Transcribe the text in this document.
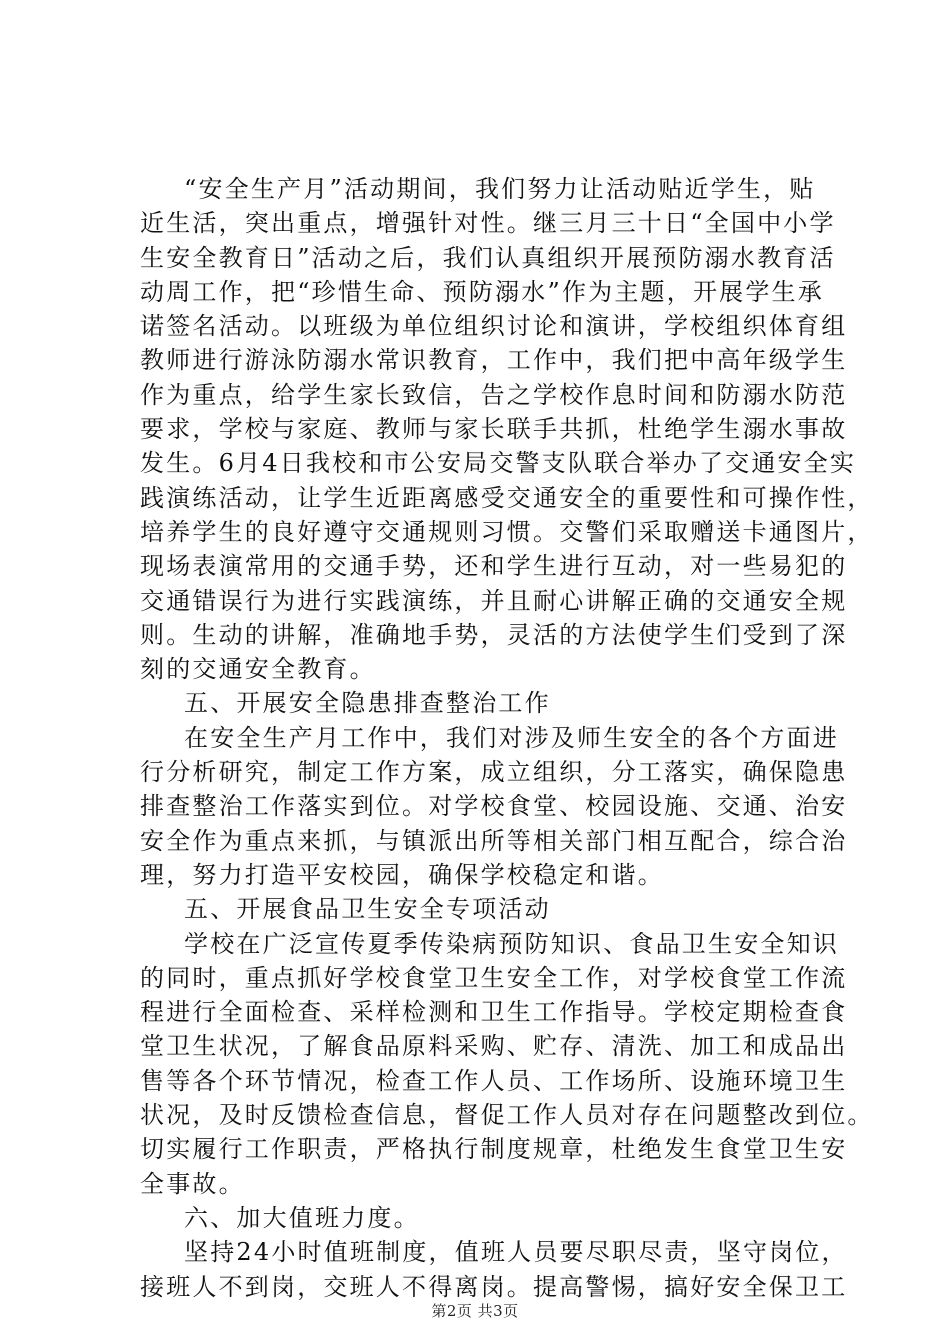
“安全生产月”活动期间，我们努力让活动贴近学生，贴
近生活，突出重点，增强针对性。继三月三十日“全国中小学
生安全教育日”活动之后，我们认真组织开展预防溺水教育活
动周工作，把“珍惜生命、预防溺水”作为主题，开展学生承
诺签名活动。以班级为单位组织讨论和演讲，学校组织体育组
教师进行游泳防溺水常识教育，工作中，我们把中高年级学生
作为重点，给学生家长致信，告之学校作息时间和防溺水防范
要求，学校与家庭、教师与家长联手共抓，杜绝学生溺水事故
发生。6月4日我校和市公安局交警支队联合举办了交通安全实
践演练活动，让学生近距离感受交通安全的重要性和可操作性，
培养学生的良好遵守交通规则习惯。交警们采取赠送卡通图片，
现场表演常用的交通手势，还和学生进行互动，对一些易犯的
交通错误行为进行实践演练，并且耐心讲解正确的交通安全规
则。生动的讲解，准确地手势，灵活的方法使学生们受到了深
刻的交通安全教育。
五、开展安全隐患排查整治工作
在安全生产月工作中，我们对涉及师生安全的各个方面进
行分析研究，制定工作方案，成立组织，分工落实，确保隐患
排查整治工作落实到位。对学校食堂、校园设施、交通、治安
安全作为重点来抓，与镇派出所等相关部门相互配合，综合治
理，努力打造平安校园，确保学校稳定和谐。
五、开展食品卫生安全专项活动
学校在广泛宣传夏季传染病预防知识、食品卫生安全知识
的同时，重点抓好学校食堂卫生安全工作，对学校食堂工作流
程进行全面检查、采样检测和卫生工作指导。学校定期检查食
堂卫生状况，了解食品原料采购、贮存、清洗、加工和成品出
售等各个环节情况，检查工作人员、工作场所、设施环境卫生
状况，及时反馈检查信息，督促工作人员对存在问题整改到位。
切实履行工作职责，严格执行制度规章，杜绝发生食堂卫生安
全事故。
六、加大值班力度。
坚持24小时值班制度，值班人员要尽职尽责，坚守岗位，
接班人不到岗，交班人不得离岗。提高警惕，搞好安全保卫工
第2页 共3页
